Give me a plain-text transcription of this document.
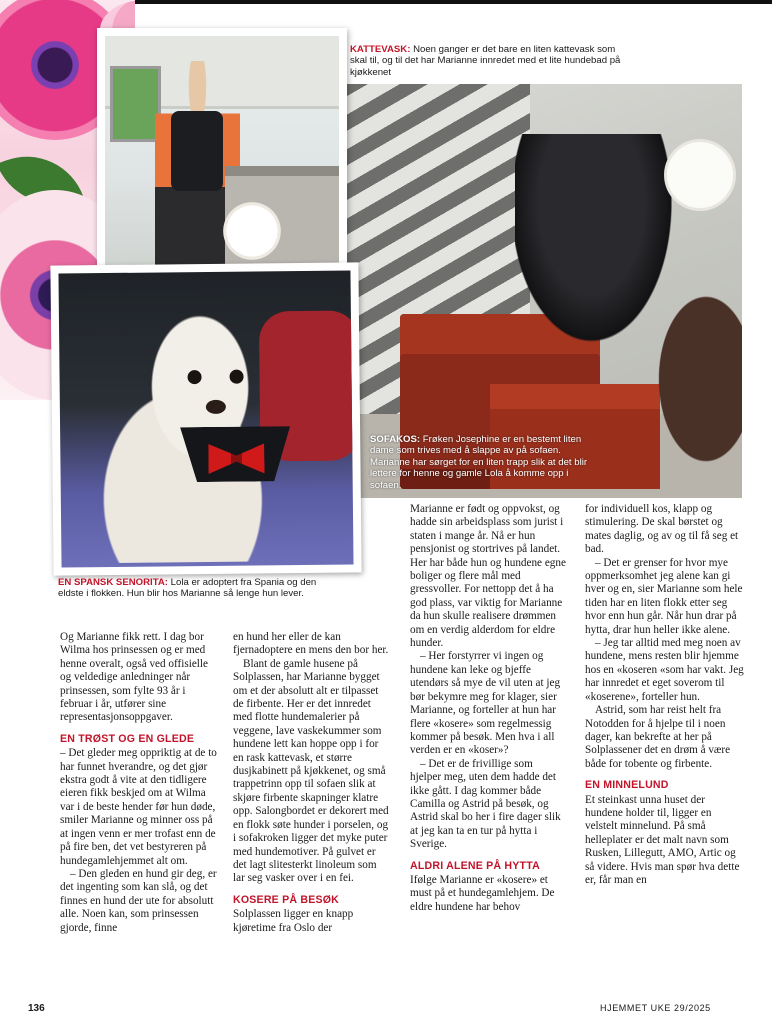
KATTEVASK: Noen ganger er det bare en liten kattevask som skal til, og til det har Marianne innredet med et lite hundebad på kjøkkenet
SOFAKOS: Frøken Josephine er en bestemt liten dame som trives med å slappe av på sofaen. Marianne har sørget for en liten trapp slik at det blir lettere for henne og gamle Lola å komme opp i sofaen.
EN SPANSK SENORITA: Lola er adoptert fra Spania og den eldste i flokken. Hun blir hos Marianne så lenge hun lever.

Og Marianne fikk rett. I dag bor Wilma hos prinsessen og er med henne overalt, også ved offisielle og veldedige anledninger når prinsessen, som fylte 93 år i februar i år, utfører sine representasjonsoppgaver.

EN TRØST OG EN GLEDE

– Det gleder meg oppriktig at de to har funnet hverandre, og det gjør ekstra godt å vite at den tidligere eieren fikk beskjed om at Wilma var i de beste hender før hun døde, smiler Marianne og minner oss på at ingen venn er mer trofast enn de på fire ben, det vet bestyreren på hundegamlehjemmet alt om.

– Den gleden en hund gir deg, er det ingenting som kan slå, og det finnes en hund der ute for absolutt alle. Noen kan, som prinsessen gjorde, finne

en hund her eller de kan fjernadoptere en mens den bor her.

Blant de gamle husene på Solplassen, har Marianne bygget om et der absolutt alt er tilpasset de firbente. Her er det innredet med flotte hundemalerier på veggene, lave vaskekummer som hundene lett kan hoppe opp i for en rask kattevask, et større dusjkabinett på kjøkkenet, og små trappetrinn opp til sofaen slik at skjøre firbente skapninger klatre opp. Salongbordet er dekorert med en flokk søte hunder i porselen, og i sofakroken ligger det myke puter med hundemotiver. På gulvet er det lagt slitesterkt linoleum som lar seg vasker over i en fei.

KOSERE PÅ BESØK

Solplassen ligger en knapp kjøretime fra Oslo der

Marianne er født og oppvokst, og hadde sin arbeidsplass som jurist i staten i mange år. Nå er hun pensjonist og stortrives på landet. Her har både hun og hundene egne boliger og flere mål med gressvoller. For nettopp det å ha god plass, var viktig for Marianne da hun skulle realisere drømmen om en verdig alderdom for eldre hunder.

– Her forstyrrer vi ingen og hundene kan leke og bjeffe utendørs så mye de vil uten at jeg bør bekymre meg for klager, sier Marianne, og forteller at hun har flere «kosere» som regelmessig kommer på besøk. Men hva i all verden er en «koser»?

– Det er de frivillige som hjelper meg, uten dem hadde det ikke gått. I dag kommer både Camilla og Astrid på besøk, og Astrid skal bo her i fire dager slik at jeg kan ta en tur på hytta i Sverige.

ALDRI ALENE PÅ HYTTA

Ifølge Marianne er «kosere» et must på et hundegamlehjem. De eldre hundene har behov

for individuell kos, klapp og stimulering. De skal børstet og mates daglig, og av og til få seg et bad.

– Det er grenser for hvor mye oppmerksomhet jeg alene kan gi hver og en, sier Marianne som hele tiden har en liten flokk etter seg hvor enn hun går. Når hun drar på hytta, drar hun heller ikke alene.

– Jeg tar alltid med meg noen av hundene, mens resten blir hjemme hos en «koseren «som har vakt. Jeg har innredet et eget soverom til «koserene», forteller hun.

Astrid, som har reist helt fra Notodden for å hjelpe til i noen dager, kan bekrefte at her på Solplassener det en drøm å være både for tobente og firbente.

EN MINNELUND

Et steinkast unna huset der hundene holder til, ligger en velstelt minnelund. På små helleplater er det malt navn som Rusken, Lillegutt, AMO, Artic og så videre. Hvis man spør hva dette er, får man en

136	HJEMMET UKE 29/2025
